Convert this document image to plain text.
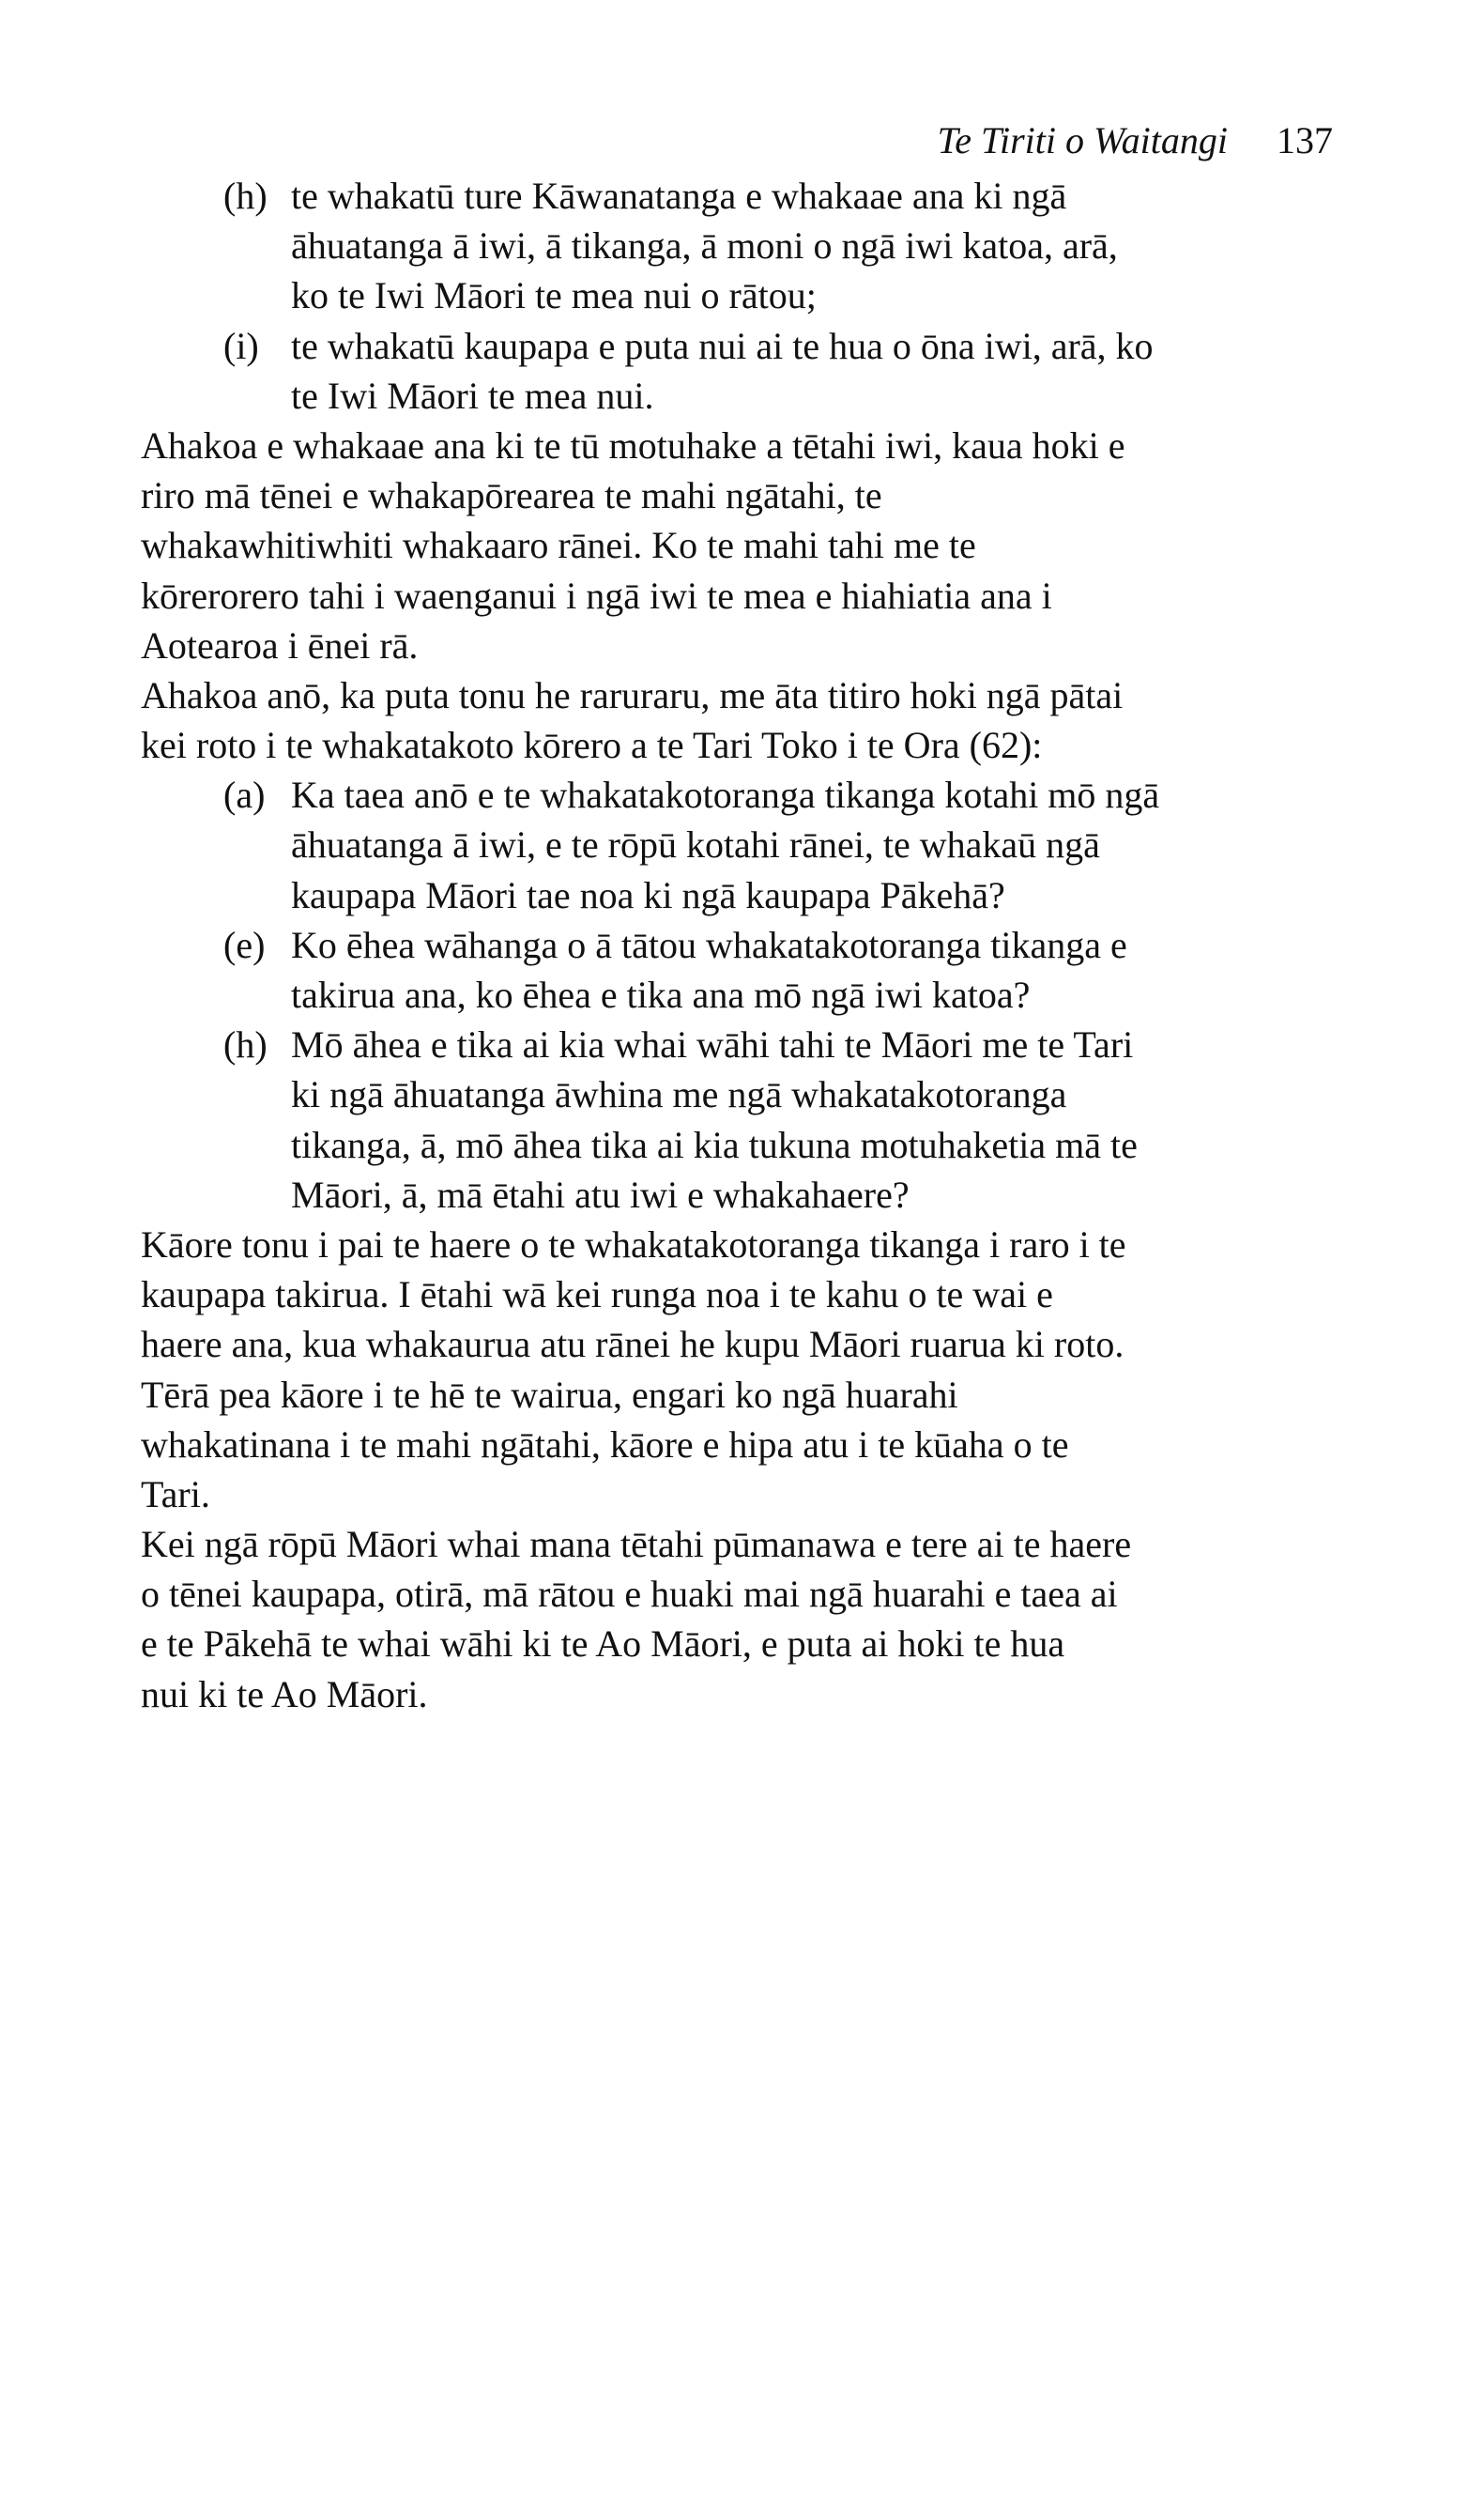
Te Tiriti o Waitangi 137
(h) te whakatū ture Kāwanatanga e whakaae ana ki ngā
āhuatanga ā iwi, ā tikanga, ā moni o ngā iwi katoa, arā,
ko te Iwi Māori te mea nui o rātou;
(i) te whakatū kaupapa e puta nui ai te hua o ōna iwi, arā, ko
te Iwi Māori te mea nui.
Ahakoa e whakaae ana ki te tū motuhake a tētahi iwi, kaua hoki e
riro mā tēnei e whakapōrearea te mahi ngātahi, te
whakawhitiwhiti whakaaro rānei. Ko te mahi tahi me te
kōrerorero tahi i waenganui i ngā iwi te mea e hiahiatia ana i
Aotearoa i ēnei rā.
Ahakoa anō, ka puta tonu he raruraru, me āta titiro hoki ngā pātai
kei roto i te whakatakoto kōrero a te Tari Toko i te Ora (62):
(a) Ka taea anō e te whakatakotoranga tikanga kotahi mō ngā
āhuatanga ā iwi, e te rōpū kotahi rānei, te whakaū ngā
kaupapa Māori tae noa ki ngā kaupapa Pākehā?
(e) Ko ēhea wāhanga o ā tātou whakatakotoranga tikanga e
takirua ana, ko ēhea e tika ana mō ngā iwi katoa?
(h) Mō āhea e tika ai kia whai wāhi tahi te Māori me te Tari
ki ngā āhuatanga āwhina me ngā whakatakotoranga
tikanga, ā, mō āhea tika ai kia tukuna motuhaketia mā te
Māori, ā, mā ētahi atu iwi e whakahaere?
Kāore tonu i pai te haere o te whakatakotoranga tikanga i raro i te
kaupapa takirua. I ētahi wā kei runga noa i te kahu o te wai e
haere ana, kua whakaurua atu rānei he kupu Māori ruarua ki roto.
Tērā pea kāore i te hē te wairua, engari ko ngā huarahi
whakatinana i te mahi ngātahi, kāore e hipa atu i te kūaha o te
Tari.
Kei ngā rōpū Māori whai mana tētahi pūmanawa e tere ai te haere
o tēnei kaupapa, otirā, mā rātou e huaki mai ngā huarahi e taea ai
e te Pākehā te whai wāhi ki te Ao Māori, e puta ai hoki te hua
nui ki te Ao Māori.
